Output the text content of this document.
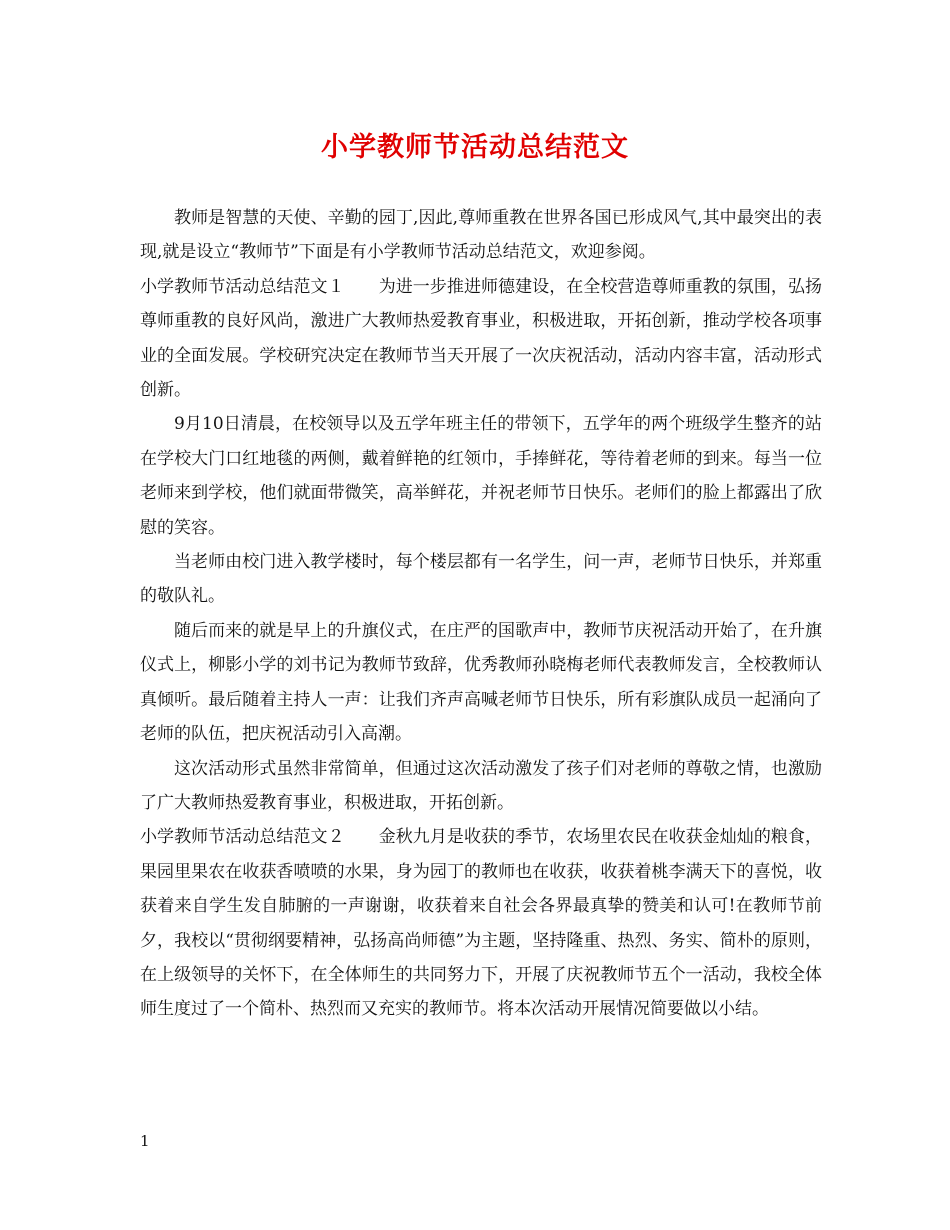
小学教师节活动总结范文

教师是智慧的天使、辛勤的园丁,因此,尊师重教在世界各国已形成风气,其中最突出的表现,就是设立“教师节”下面是有小学教师节活动总结范文，欢迎参阅。

小学教师节活动总结范文１ 为进一步推进师德建设，在全校营造尊师重教的氛围，弘扬尊师重教的良好风尚，激进广大教师热爱教育事业，积极进取，开拓创新，推动学校各项事业的全面发展。学校研究决定在教师节当天开展了一次庆祝活动，活动内容丰富，活动形式创新。

9月10日清晨，在校领导以及五学年班主任的带领下，五学年的两个班级学生整齐的站在学校大门口红地毯的两侧，戴着鲜艳的红领巾，手捧鲜花，等待着老师的到来。每当一位老师来到学校，他们就面带微笑，高举鲜花，并祝老师节日快乐。老师们的脸上都露出了欣慰的笑容。

当老师由校门进入教学楼时，每个楼层都有一名学生，问一声，老师节日快乐，并郑重的敬队礼。

随后而来的就是早上的升旗仪式，在庄严的国歌声中，教师节庆祝活动开始了，在升旗仪式上，柳影小学的刘书记为教师节致辞，优秀教师孙晓梅老师代表教师发言，全校教师认真倾听。最后随着主持人一声：让我们齐声高喊老师节日快乐，所有彩旗队成员一起涌向了老师的队伍，把庆祝活动引入高潮。

这次活动形式虽然非常简单，但通过这次活动激发了孩子们对老师的尊敬之情，也激励了广大教师热爱教育事业，积极进取，开拓创新。

小学教师节活动总结范文２ 金秋九月是收获的季节，农场里农民在收获金灿灿的粮食，果园里果农在收获香喷喷的水果，身为园丁的教师也在收获，收获着桃李满天下的喜悦，收获着来自学生发自肺腑的一声谢谢，收获着来自社会各界最真挚的赞美和认可!在教师节前夕，我校以“贯彻纲要精神，弘扬高尚师德”为主题，坚持隆重、热烈、务实、简朴的原则，在上级领导的关怀下，在全体师生的共同努力下，开展了庆祝教师节五个一活动，我校全体师生度过了一个简朴、热烈而又充实的教师节。将本次活动开展情况简要做以小结。

1
